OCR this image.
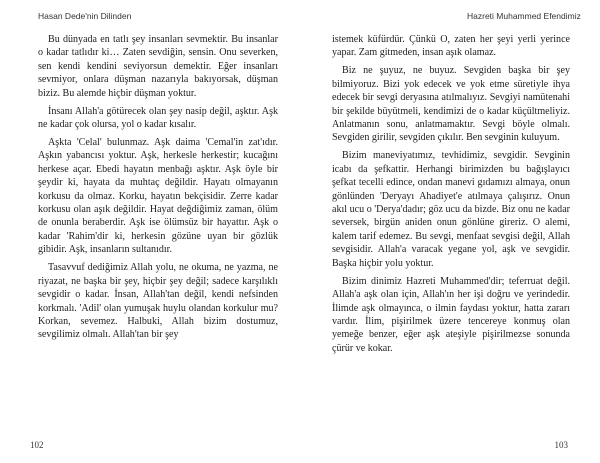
Hasan Dede'nin Dilinden

Bu dünyada en tatlı şey insanları sevmektir. Bu insanlar o kadar tatlıdır ki… Zaten sevdiğin, sensin. Onu severken, sen kendi kendini seviyorsun demektir. Eğer insanları sevmiyor, onlara düşman nazarıyla bakıyorsak, düşman biziz. Bu alemde hiçbir düşman yoktur.

İnsanı Allah'a götürecek olan şey nasip değil, aşktır. Aşk ne kadar çok olursa, yol o kadar kısalır.

Aşkta 'Celal' bulunmaz. Aşk daima 'Cemal'in zat'ıdır. Aşkın yabancısı yoktur. Aşk, herkesle herkestir; kucağını herkese açar. Ebedi hayatın menbağı aşktır. Aşk öyle bir şeydir ki, hayata da muhtaç değildir. Hayatı olmayanın korkusu da olmaz. Korku, hayatın bekçisidir. Zerre kadar korkusu olan aşık değildir. Hayat değdiğimiz zaman, ölüm de onunla beraberdir. Aşk ise ölümsüz bir hayattır. Aşk o kadar 'Rahim'dir ki, herkesin gözüne uyan bir gözlük gibidir. Aşk, insanların sultanıdır.

Tasavvuf dediğimiz Allah yolu, ne okuma, ne yazma, ne riyazat, ne başka bir şey, hiçbir şey değil; sadece karşılıklı sevgidir o kadar. İnsan, Allah'tan değil, kendi nefsinden korkmalı. 'Adil' olan yumuşak huylu olandan korkulur mu? Korkan, sevemez. Halbuki, Allah bizim dostumuz, sevgilimiz olmalı. Allah'tan bir şey

102
Hazreti Muhammed Efendimiz

istemek küfürdür. Çünkü O, zaten her şeyi yerli yerince yapar. Zam gitmeden, insan aşık olamaz.

Biz ne şuyuz, ne buyuz. Sevgiden başka bir şey bilmiyoruz. Bizi yok edecek ve yok etme süretiyle ihya edecek bir sevgi deryasına atılmalıyız. Sevgiyi namütenahi bir şekilde büyütmeli, kendimizi de o kadar küçültmeliyiz. Anlatmanın sonu, anlatmamaktır. Sevgi böyle olmalı. Sevgiden girilir, sevgiden çıkılır. Ben sevginin kuluyum.

Bizim maneviyatımız, tevhidimiz, sevgidir. Sevginin icabı da şefkattir. Herhangi birimizden bu bağışlayıcı şefkat tecelli edince, ondan manevi gıdamızı almaya, onun gönlünden 'Deryayı Ahadiyet'e atılmaya çalışırız. Onun akıl ucu o 'Derya'dadır; göz ucu da bizde. Biz onu ne kadar seversek, birgün aniden onun gönlüne gireriz. O alemi, kalem tarif edemez. Bu sevgi, menfaat sevgisi değil, Allah sevgisidir. Allah'a varacak yegane yol, aşk ve sevgidir. Başka hiçbir yolu yoktur.

Bizim dinimiz Hazreti Muhammed'dir; teferruat değil. Allah'a aşk olan için, Allah'ın her işi doğru ve yerindedir. İlimde aşk olmayınca, o ilmin faydası yoktur, hatta zararı vardır. İlim, pişirilmek üzere tencereye konmuş olan yemeğe benzer, eğer aşk ateşiyle pişirilmezse sonunda çürür ve kokar.

103
